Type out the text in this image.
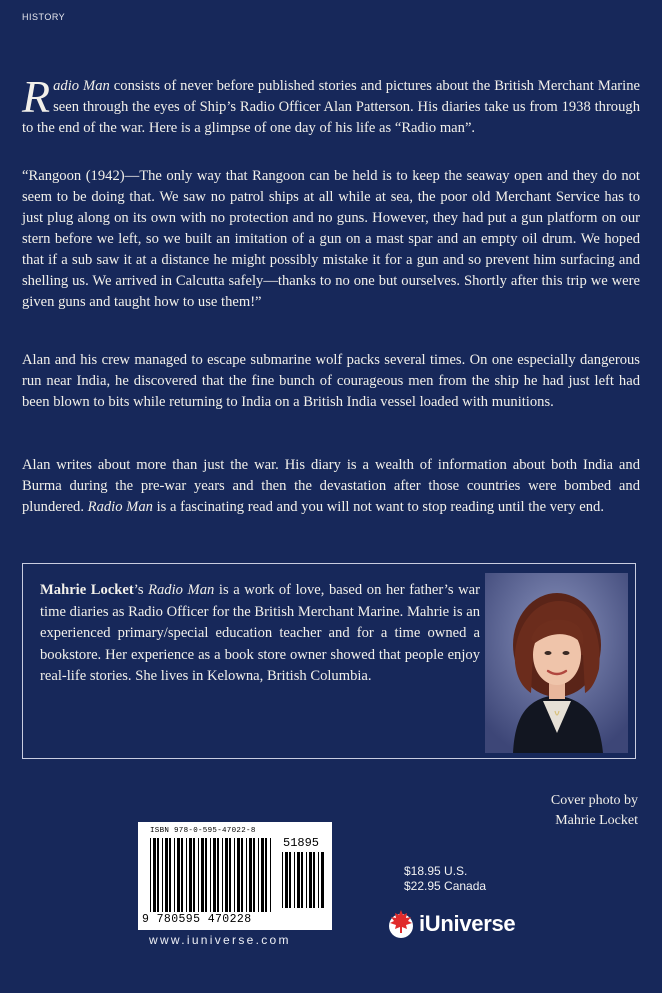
HISTORY

Radio Man consists of never before published stories and pictures about the British Merchant Marine seen through the eyes of Ship’s Radio Officer Alan Patterson. His diaries take us from 1938 through to the end of the war. Here is a glimpse of one day of his life as “Radio man”.

“Rangoon (1942)—The only way that Rangoon can be held is to keep the seaway open and they do not seem to be doing that. We saw no patrol ships at all while at sea, the poor old Merchant Service has to just plug along on its own with no protection and no guns. However, they had put a gun platform on our stern before we left, so we built an imitation of a gun on a mast spar and an empty oil drum. We hoped that if a sub saw it at a distance he might possibly mistake it for a gun and so prevent him surfacing and shelling us. We arrived in Calcutta safely—thanks to no one but ourselves. Shortly after this trip we were given guns and taught how to use them!”

Alan and his crew managed to escape submarine wolf packs several times. On one especially dangerous run near India, he discovered that the fine bunch of courageous men from the ship he had just left had been blown to bits while returning to India on a British India vessel loaded with munitions.

Alan writes about more than just the war. His diary is a wealth of information about both India and Burma during the pre-war years and then the devastation after those countries were bombed and plundered. Radio Man is a fascinating read and you will not want to stop reading until the very end.

Mahrie Locket’s Radio Man is a work of love, based on her father’s war time diaries as Radio Officer for the British Merchant Marine. Mahrie is an experienced primary/special education teacher and for a time owned a bookstore. Her experience as a book store owner showed that people enjoy real-life stories. She lives in Kelowna, British Columbia.

Cover photo by
Mahrie Locket
ISBN 978-0-595-47022-8
51895
9 780595 470228
www.iuniverse.com
$18.95 U.S.
$22.95 Canada
iUniverse
